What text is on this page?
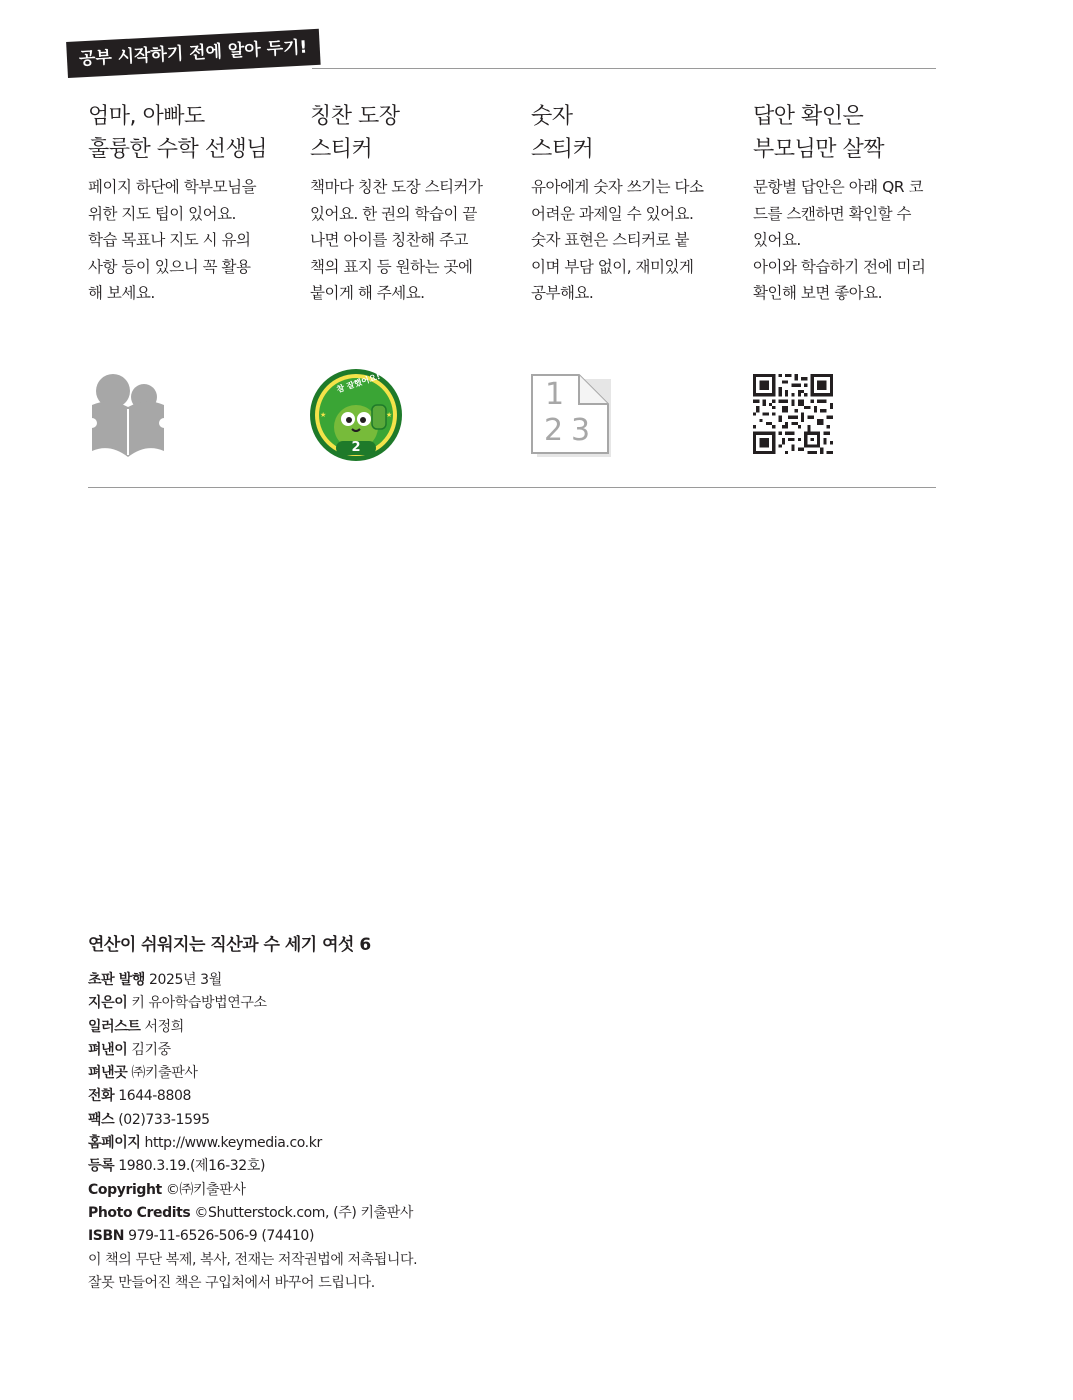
공부 시작하기 전에 알아 두기!
엄마, 아빠도
훌륭한 수학 선생님
페이지 하단에 학부모님을
위한 지도 팁이 있어요.
학습 목표나 지도 시 유의
사항 등이 있으니 꼭 활용
해 보세요.
칭찬 도장
스티커
책마다 칭찬 도장 스티커가
있어요. 한 권의 학습이 끝
나면 아이를 칭찬해 주고
책의 표지 등 원하는 곳에
붙이게 해 주세요.
숫자
스티커
유아에게 숫자 쓰기는 다소
어려운 과제일 수 있어요.
숫자 표현은 스티커로 붙
이며 부담 없이, 재미있게
공부해요.
답안 확인은
부모님만 살짝
문항별 답안은 아래 QR 코
드를 스캔하면 확인할 수
있어요.
아이와 학습하기 전에 미리
확인해 보면 좋아요.
★	★
참 잘했어요!
2
1
2 3
연산이 쉬워지는 직산과 수 세기 여섯 6
초판 발행 2025년 3월
지은이 키 유아학습방법연구소
일러스트 서정희
펴낸이 김기중
펴낸곳 ㈜키출판사
전화 1644-8808
팩스 (02)733-1595
홈페이지 http://www.keymedia.co.kr
등록 1980.3.19.(제16-32호)
Copyright ©㈜키출판사
Photo Credits ©Shutterstock.com, (주) 키출판사
ISBN 979-11-6526-506-9 (74410)
이 책의 무단 복제, 복사, 전재는 저작권법에 저촉됩니다.
잘못 만들어진 책은 구입처에서 바꾸어 드립니다.
